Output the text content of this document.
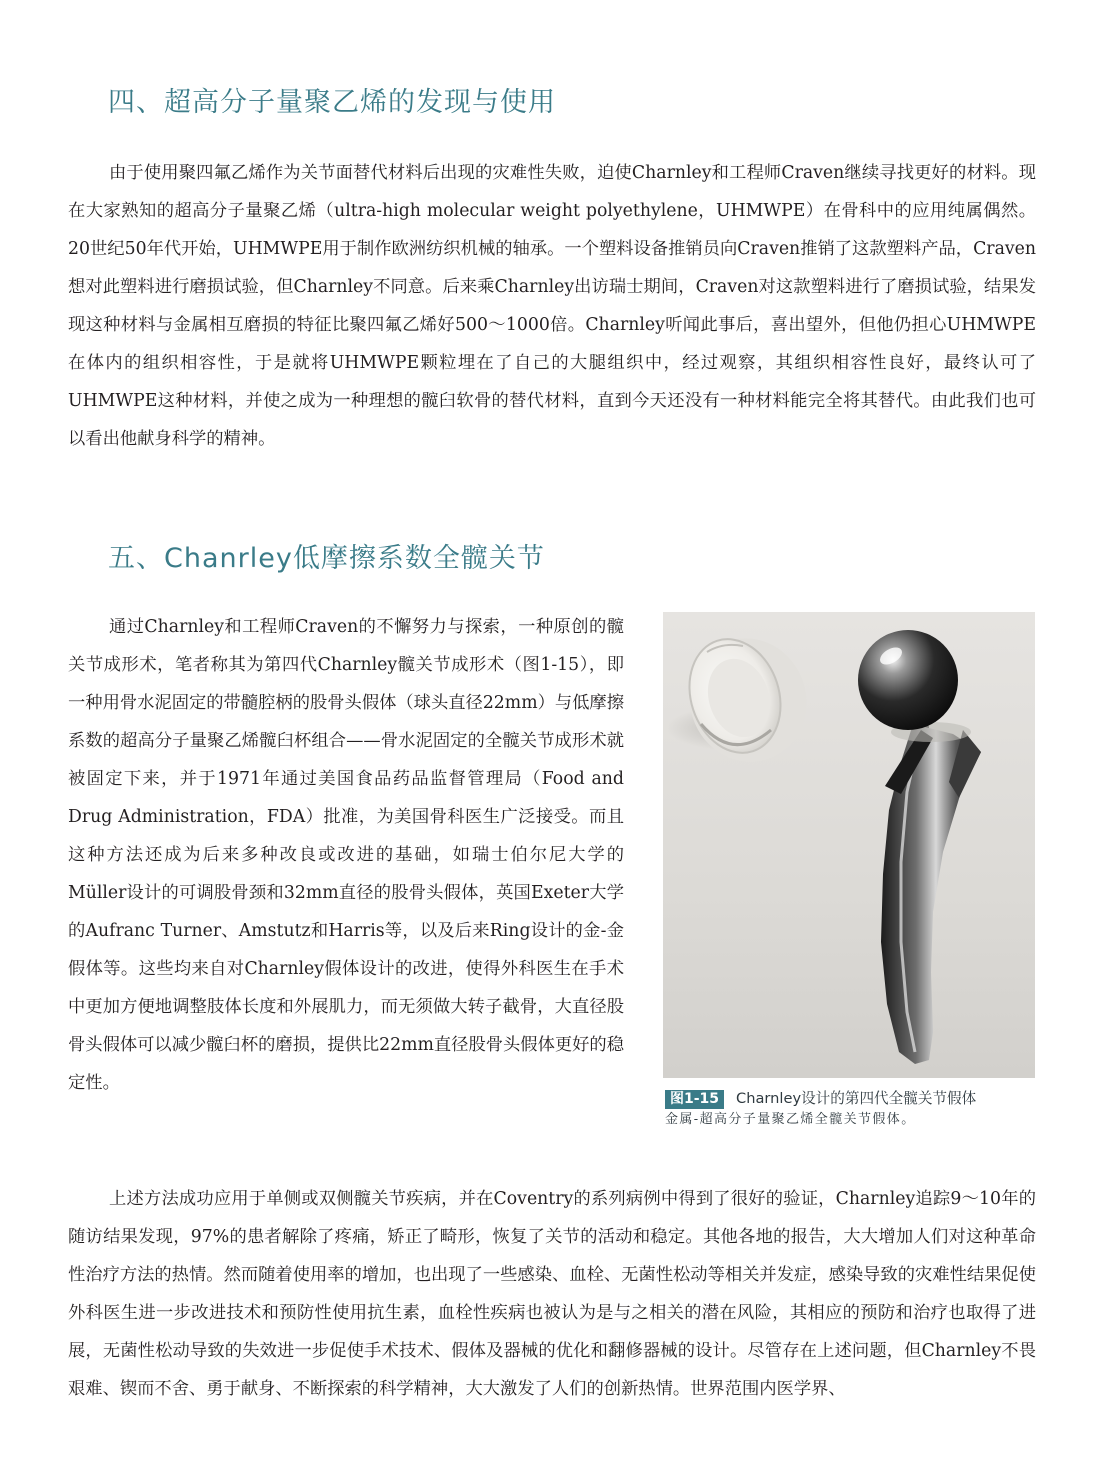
四、超高分子量聚乙烯的发现与使用

由于使用聚四氟乙烯作为关节面替代材料后出现的灾难性失败，迫使Charnley和工程师Craven继续寻找更好的材料。现在大家熟知的超高分子量聚乙烯（ultra-high molecular weight polyethylene，UHMWPE）在骨科中的应用纯属偶然。20世纪50年代开始，UHMWPE用于制作欧洲纺织机械的轴承。一个塑料设备推销员向Craven推销了这款塑料产品，Craven想对此塑料进行磨损试验，但Charnley不同意。后来乘Charnley出访瑞士期间，Craven对这款塑料进行了磨损试验，结果发现这种材料与金属相互磨损的特征比聚四氟乙烯好500～1000倍。Charnley听闻此事后，喜出望外，但他仍担心UHMWPE在体内的组织相容性，于是就将UHMWPE颗粒埋在了自己的大腿组织中，经过观察，其组织相容性良好，最终认可了UHMWPE这种材料，并使之成为一种理想的髋臼软骨的替代材料，直到今天还没有一种材料能完全将其替代。由此我们也可以看出他献身科学的精神。

五、Chanrley低摩擦系数全髋关节

通过Charnley和工程师Craven的不懈努力与探索，一种原创的髋关节成形术，笔者称其为第四代Charnley髋关节成形术（图1-15），即一种用骨水泥固定的带髓腔柄的股骨头假体（球头直径22mm）与低摩擦系数的超高分子量聚乙烯髋臼杯组合——骨水泥固定的全髋关节成形术就被固定下来，并于1971年通过美国食品药品监督管理局（Food and Drug Administration，FDA）批准，为美国骨科医生广泛接受。而且这种方法还成为后来多种改良或改进的基础，如瑞士伯尔尼大学的Müller设计的可调股骨颈和32mm直径的股骨头假体，英国Exeter大学的Aufranc Turner、Amstutz和Harris等，以及后来Ring设计的金-金假体等。这些均来自对Charnley假体设计的改进，使得外科医生在手术中更加方便地调整肢体长度和外展肌力，而无须做大转子截骨，大直径股骨头假体可以减少髋臼杯的磨损，提供比22mm直径股骨头假体更好的稳定性。

图1-15 Charnley设计的第四代全髋关节假体
金属-超高分子量聚乙烯全髋关节假体。

上述方法成功应用于单侧或双侧髋关节疾病，并在Coventry的系列病例中得到了很好的验证，Charnley追踪9～10年的随访结果发现，97%的患者解除了疼痛，矫正了畸形，恢复了关节的活动和稳定。其他各地的报告，大大增加人们对这种革命性治疗方法的热情。然而随着使用率的增加，也出现了一些感染、血栓、无菌性松动等相关并发症，感染导致的灾难性结果促使外科医生进一步改进技术和预防性使用抗生素，血栓性疾病也被认为是与之相关的潜在风险，其相应的预防和治疗也取得了进展，无菌性松动导致的失效进一步促使手术技术、假体及器械的优化和翻修器械的设计。尽管存在上述问题，但Charnley不畏艰难、锲而不舍、勇于献身、不断探索的科学精神，大大激发了人们的创新热情。世界范围内医学界、
